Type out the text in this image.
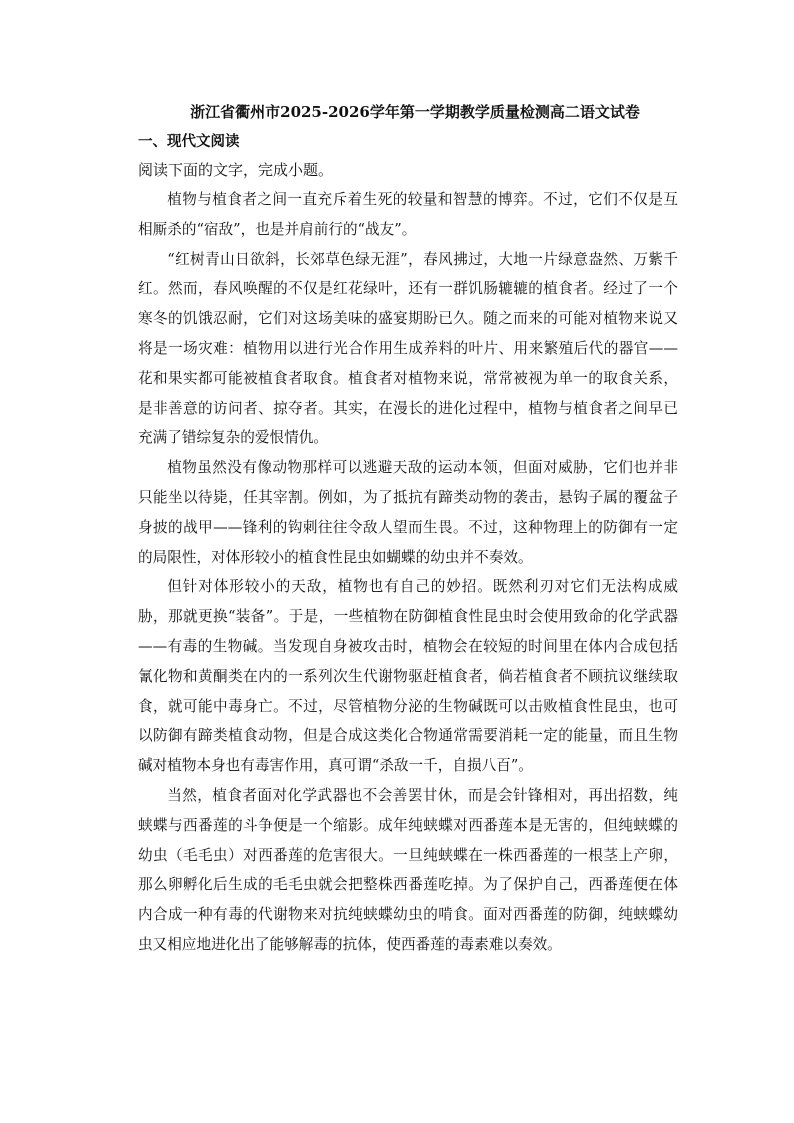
浙江省衢州市2025-2026学年第一学期教学质量检测高二语文试卷
一、现代文阅读
阅读下面的文字，完成小题。

植物与植食者之间一直充斥着生死的较量和智慧的博弈。不过，它们不仅是互相厮杀的“宿敌”，也是并肩前行的“战友”。

“红树青山日欲斜，长郊草色绿无涯”，春风拂过，大地一片绿意盎然、万紫千红。然而，春风唤醒的不仅是红花绿叶，还有一群饥肠辘辘的植食者。经过了一个寒冬的饥饿忍耐，它们对这场美味的盛宴期盼已久。随之而来的可能对植物来说又将是一场灾难：植物用以进行光合作用生成养料的叶片、用来繁殖后代的器官——花和果实都可能被植食者取食。植食者对植物来说，常常被视为单一的取食关系，是非善意的访问者、掠夺者。其实，在漫长的进化过程中，植物与植食者之间早已充满了错综复杂的爱恨情仇。

植物虽然没有像动物那样可以逃避天敌的运动本领，但面对威胁，它们也并非只能坐以待毙，任其宰割。例如，为了抵抗有蹄类动物的袭击，悬钩子属的覆盆子身披的战甲——锋利的钩刺往往令敌人望而生畏。不过，这种物理上的防御有一定的局限性，对体形较小的植食性昆虫如蝴蝶的幼虫并不奏效。

但针对体形较小的天敌，植物也有自己的妙招。既然利刃对它们无法构成威胁，那就更换“装备”。于是，一些植物在防御植食性昆虫时会使用致命的化学武器——有毒的生物碱。当发现自身被攻击时，植物会在较短的时间里在体内合成包括氰化物和黄酮类在内的一系列次生代谢物驱赶植食者，倘若植食者不顾抗议继续取食，就可能中毒身亡。不过，尽管植物分泌的生物碱既可以击败植食性昆虫，也可以防御有蹄类植食动物，但是合成这类化合物通常需要消耗一定的能量，而且生物碱对植物本身也有毒害作用，真可谓“杀敌一千，自损八百”。

当然，植食者面对化学武器也不会善罢甘休，而是会针锋相对，再出招数，纯蛱蝶与西番莲的斗争便是一个缩影。成年纯蛱蝶对西番莲本是无害的，但纯蛱蝶的幼虫（毛毛虫）对西番莲的危害很大。一旦纯蛱蝶在一株西番莲的一根茎上产卵，那么卵孵化后生成的毛毛虫就会把整株西番莲吃掉。为了保护自己，西番莲便在体内合成一种有毒的代谢物来对抗纯蛱蝶幼虫的啃食。面对西番莲的防御，纯蛱蝶幼虫又相应地进化出了能够解毒的抗体，使西番莲的毒素难以奏效。
